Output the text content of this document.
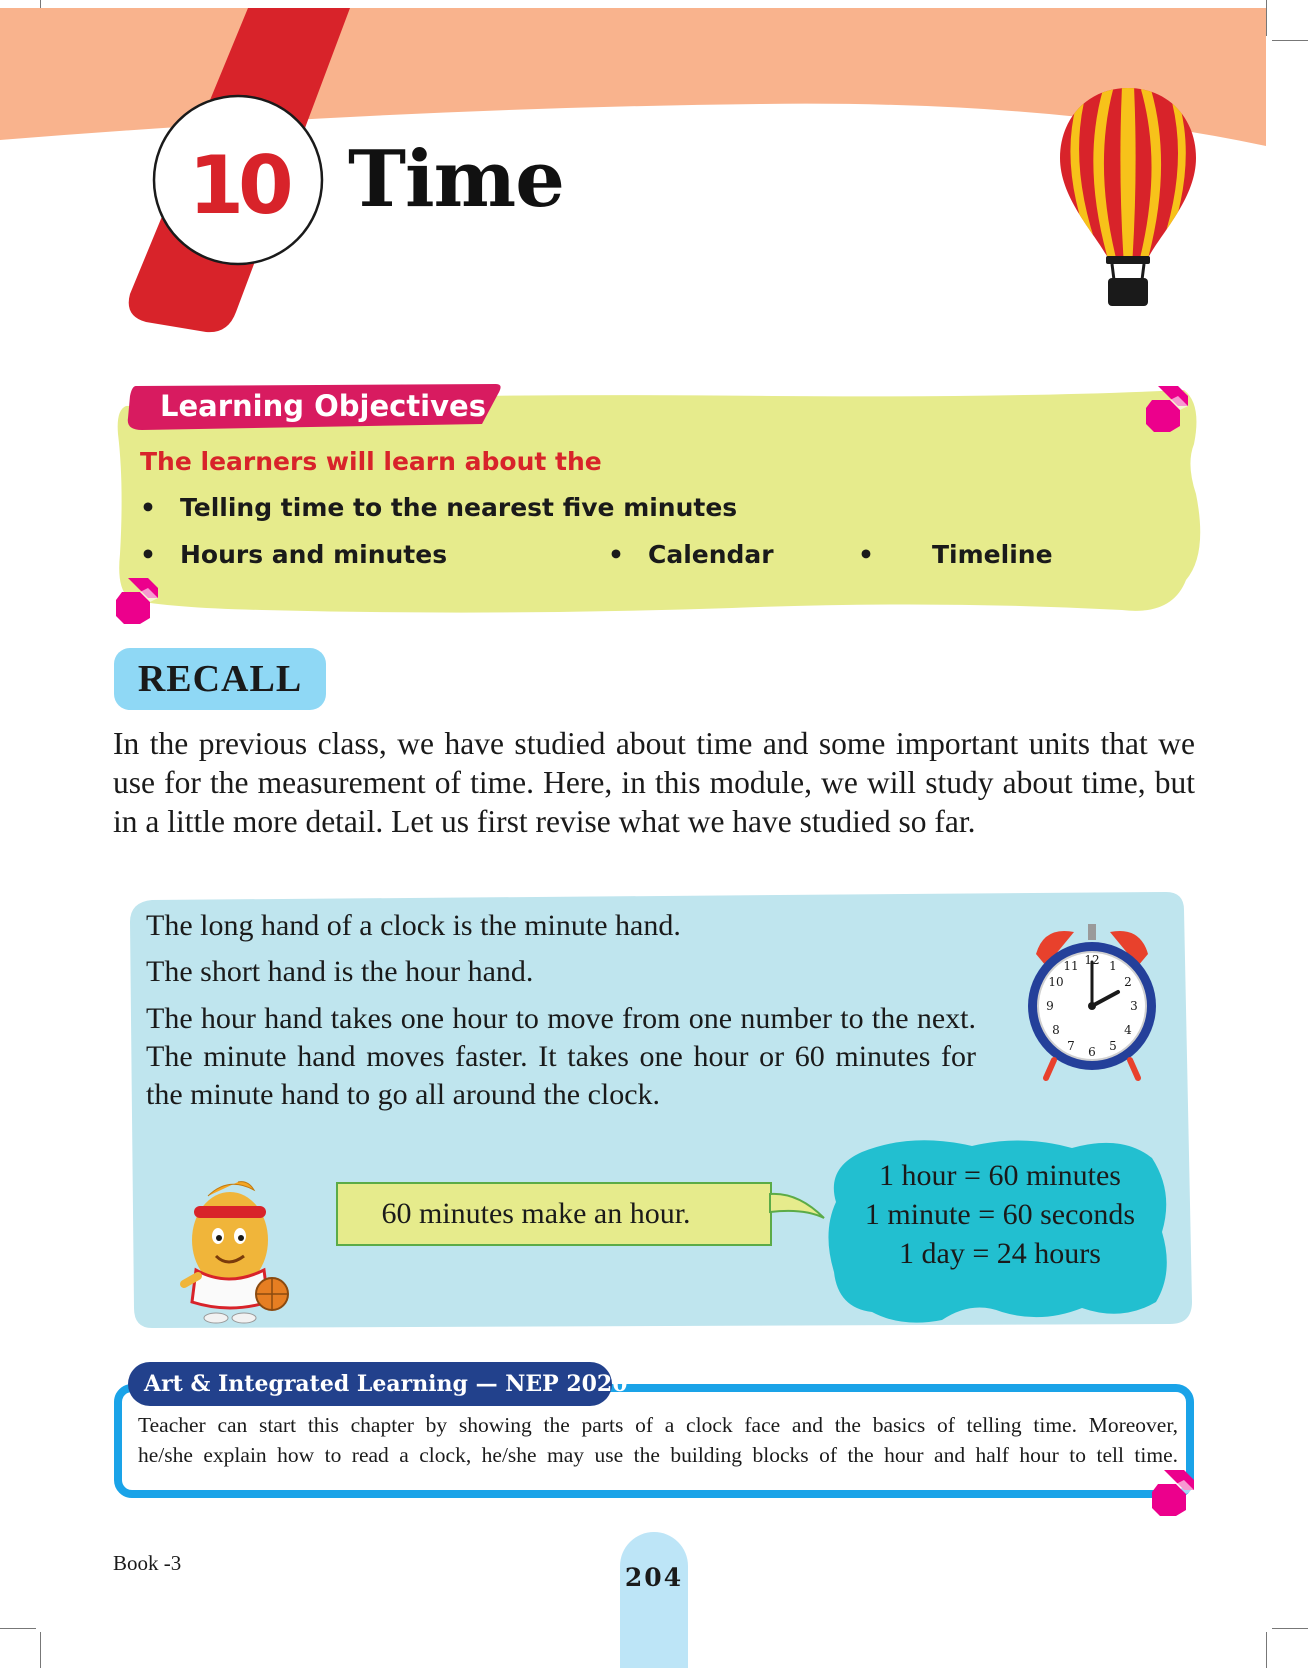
10 Time
Learning Objectives
The learners will learn about the
• Telling time to the nearest five minutes
• Hours and minutes	• Calendar	• Timeline
RECALL
In the previous class, we have studied about time and some important units that we use for the measurement of time. Here, in this module, we will study about time, but in a little more detail. Let us first revise what we have studied so far.
The long hand of a clock is the minute hand.
The short hand is the hour hand.
The hour hand takes one hour to move from one number to the next. The minute hand moves faster. It takes one hour or 60 minutes for the minute hand to go all around the clock.
12 1
2
3
4
5
6
7
8
9
10
11
60 minutes make an hour.
1 hour = 60 minutes
1 minute = 60 seconds
1 day = 24 hours
Art & Integrated Learning — NEP 2020
Teacher can start this chapter by showing the parts of a clock face and the basics of telling time. Moreover,
he/she explain how to read a clock, he/she may use the building blocks of the hour and half hour to tell time.
Book -3	204
